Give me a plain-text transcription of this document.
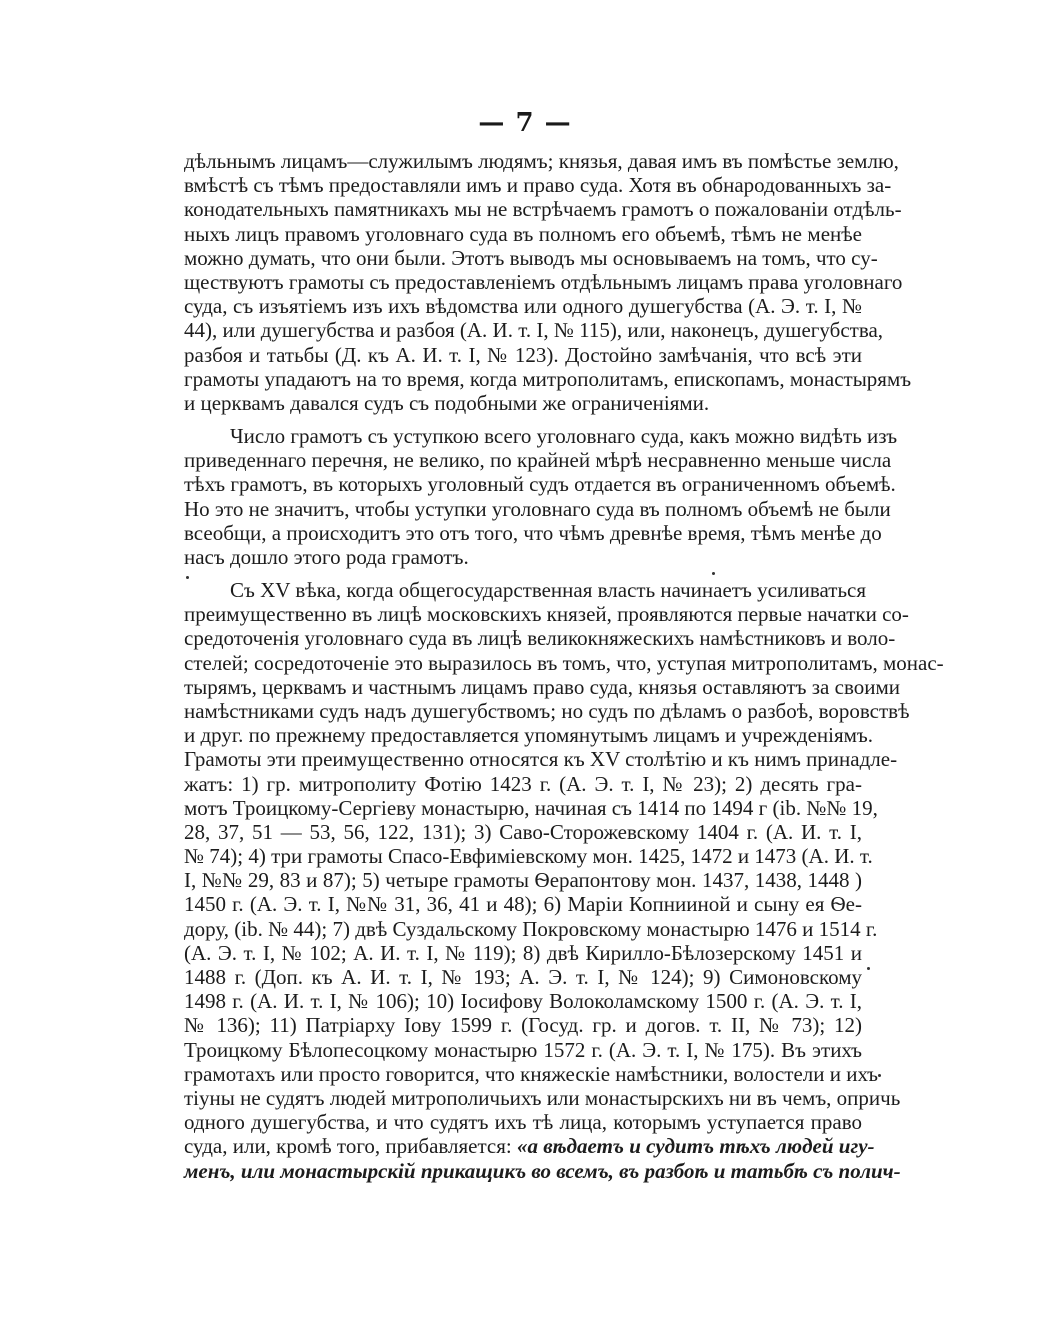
— 7 —
дѣльнымъ лицамъ—служилымъ людямъ; князья, давая имъ въ помѣстье землю,
вмѣстѣ съ тѣмъ предоставляли имъ и право суда. Хотя въ обнародованныхъ за-
конодательныхъ памятникахъ мы не встрѣчаемъ грамотъ о пожалованіи отдѣль-
ныхъ лицъ правомъ уголовнаго суда въ полномъ его объемѣ, тѣмъ не менѣе
можно думать, что они были. Этотъ выводъ мы основываемъ на томъ, что су-
ществуютъ грамоты съ предоставленіемъ отдѣльнымъ лицамъ права уголовнаго
суда, съ изъятіемъ изъ ихъ вѣдомства или одного душегубства (А. Э. т. I, №
44), или душегубства и разбоя (А. И. т. I, № 115), или, наконецъ, душегубства,
разбоя и татьбы (Д. къ А. И. т. I, № 123). Достойно замѣчанія, что всѣ эти
грамоты упадаютъ на то время, когда митрополитамъ, епископамъ, монастырямъ
и церквамъ давался судъ съ подобными же ограниченіями.
Число грамотъ съ уступкою всего уголовнаго суда, какъ можно видѣть изъ
приведеннаго перечня, не велико, по крайней мѣрѣ несравненно меньше числа
тѣхъ грамотъ, въ которыхъ уголовный судъ отдается въ ограниченномъ объемѣ.
Но это не значитъ, чтобы уступки уголовнаго суда въ полномъ объемѣ не были
всеобщи, а происходитъ это отъ того, что чѣмъ древнѣе время, тѣмъ менѣе до
насъ дошло этого рода грамотъ.
Съ XV вѣка, когда общегосударственная власть начинаетъ усиливаться
преимущественно въ лицѣ московскихъ князей, проявляются первые начатки со-
средоточенія уголовнаго суда въ лицѣ великокняжескихъ намѣстниковъ и воло-
стелей; сосредоточеніе это выразилось въ томъ, что, уступая митрополитамъ, монас-
тырямъ, церквамъ и частнымъ лицамъ право суда, князья оставляютъ за своими
намѣстниками судъ надъ душегубствомъ; но судъ по дѣламъ о разбоѣ, воровствѣ
и друг. по прежнему предоставляется упомянутымъ лицамъ и учрежденіямъ.
Грамоты эти преимущественно относятся къ XV столѣтію и къ нимъ принадле-
жатъ: 1) гр. митрополиту Фотію 1423 г. (А. Э. т. I, № 23); 2) десять гра-
мотъ Троицкому-Сергіеву монастырю, начиная съ 1414 по 1494 г (ib. №№ 19,
28, 37, 51 — 53, 56, 122, 131); 3) Саво-Сторожевскому 1404 г. (А. И. т. I,
№ 74); 4) три грамоты Спасо-Евфиміевскому мон. 1425, 1472 и 1473 (А. И. т.
I, №№ 29, 83 и 87); 5) четыре грамоты Ѳерапонтову мон. 1437, 1438, 1448 )
1450 г. (А. Э. т. I, №№ 31, 36, 41 и 48); 6) Маріи Копнииной и сыну ея Ѳе-
дору, (ib. № 44); 7) двѣ Суздальскому Покровскому монастырю 1476 и 1514 г.
(А. Э. т. I, № 102; А. И. т. I, № 119); 8) двѣ Кирилло-Бѣлозерскому 1451 и
1488 г. (Доп. къ А. И. т. I, № 193; А. Э. т. I, № 124); 9) Симоновскому
1498 г. (А. И. т. I, № 106); 10) Іосифову Волоколамскому 1500 г. (А. Э. т. I,
№ 136); 11) Патріарху Іову 1599 г. (Госуд. гр. и догов. т. II, № 73); 12)
Троицкому Бѣлопесоцкому монастырю 1572 г. (А. Э. т. I, № 175). Въ этихъ
грамотахъ или просто говорится, что княжескіе намѣстники, волостели и ихъ
тіуны не судятъ людей митрополичьихъ или монастырскихъ ни въ чемъ, опричь
одного душегубства, и что судятъ ихъ тѣ лица, которымъ уступается право
суда, или, кромѣ того, прибавляется: «а вѣдаетъ и судитъ тѣхъ людей игу-
менъ, или монастырскій прикащикъ во всемъ, въ разбоѣ и татьбѣ съ полич-
